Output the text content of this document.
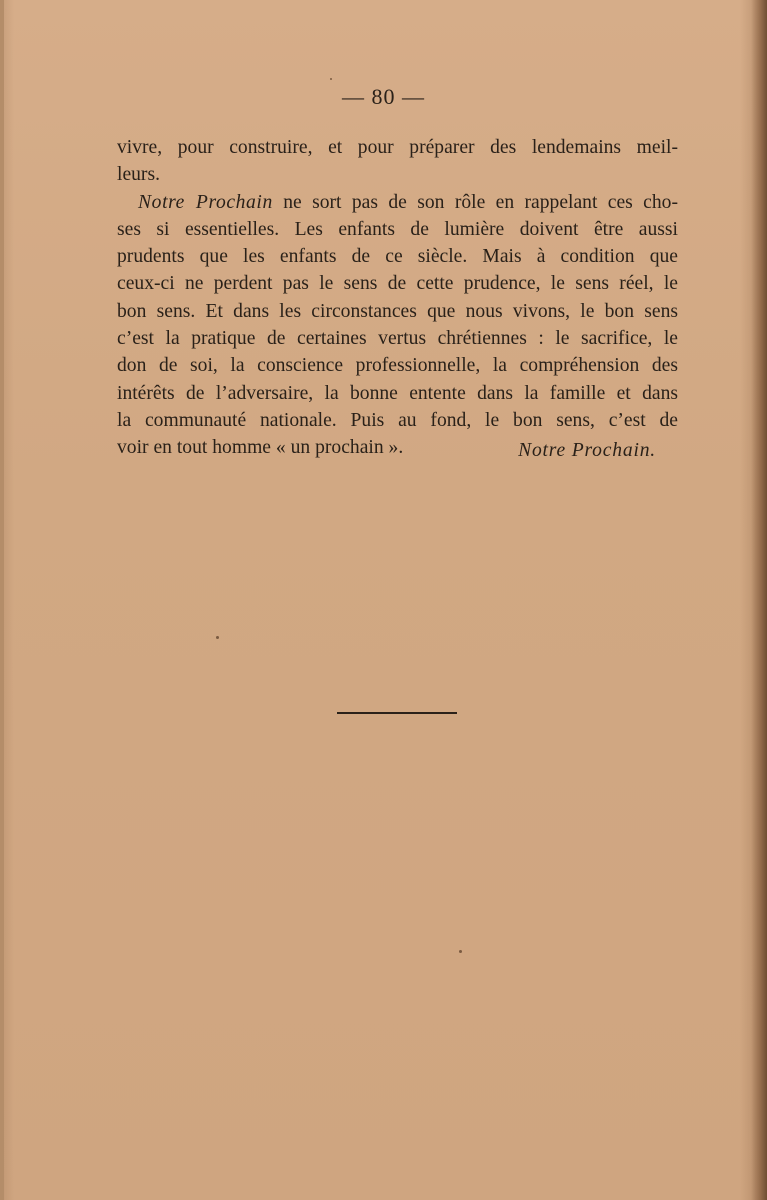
— 80 —
vivre, pour construire, et pour préparer des lendemains meil-
leurs.
Notre Prochain ne sort pas de son rôle en rappelant ces cho-
ses si essentielles. Les enfants de lumière doivent être aussi
prudents que les enfants de ce siècle. Mais à condition que
ceux-ci ne perdent pas le sens de cette prudence, le sens réel, le
bon sens. Et dans les circonstances que nous vivons, le bon sens
c’est la pratique de certaines vertus chrétiennes : le sacrifice, le
don de soi, la conscience professionnelle, la compréhension des
intérêts de l’adversaire, la bonne entente dans la famille et dans
la communauté nationale. Puis au fond, le bon sens, c’est de
voir en tout homme « un prochain ».	Notre Prochain.
